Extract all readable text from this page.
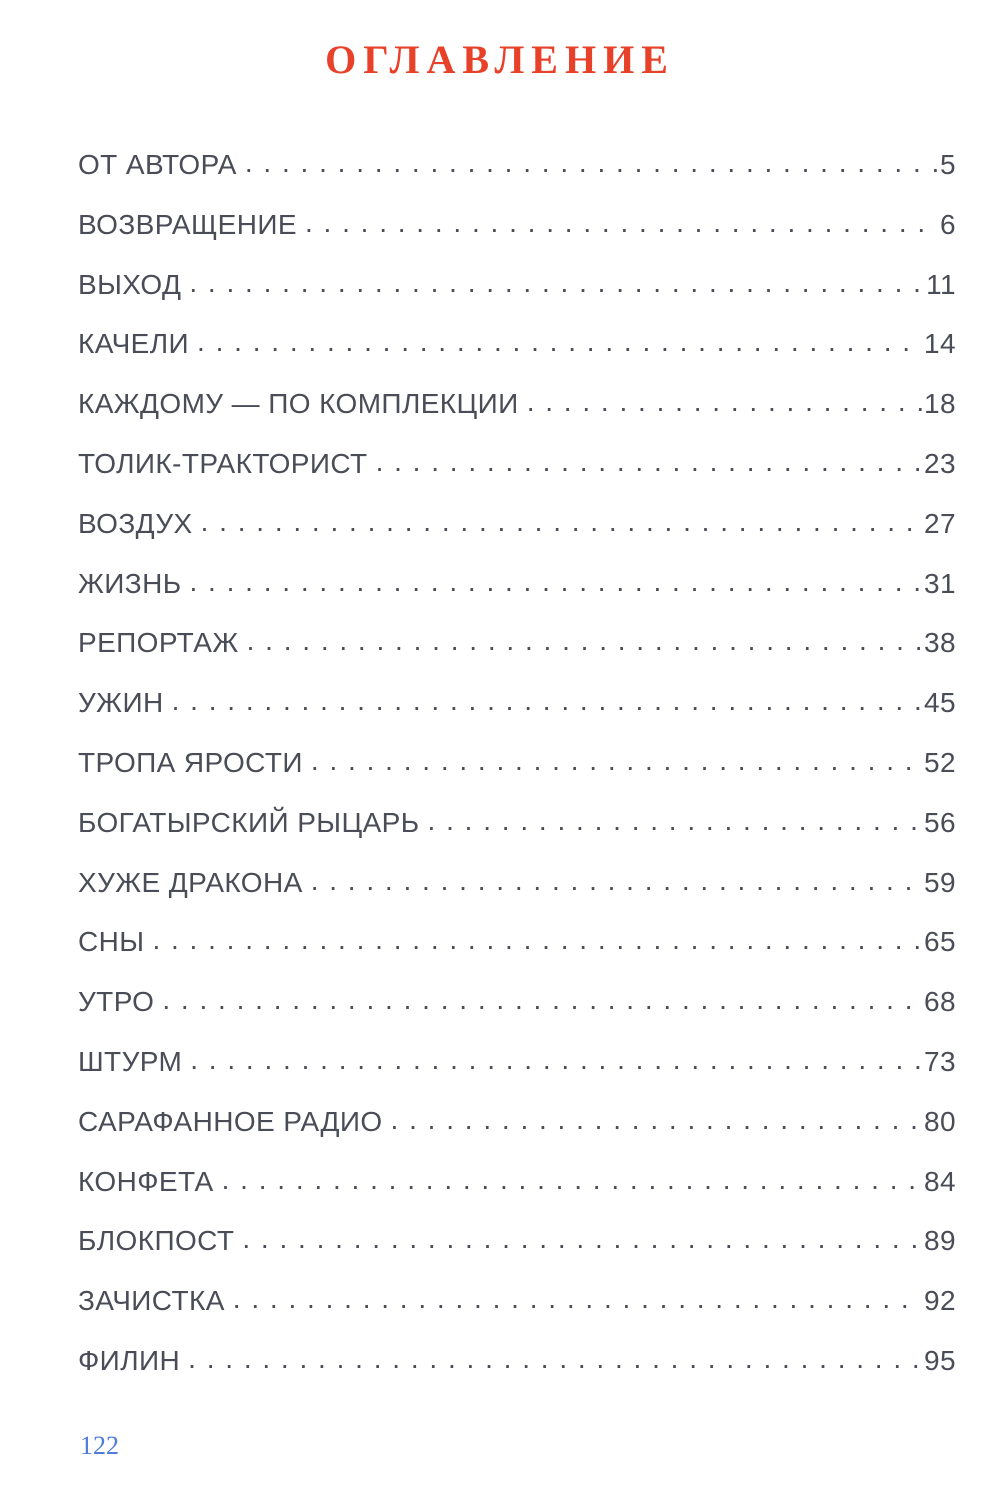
ОГЛАВЛЕНИЕ
ОТ АВТОРА . . .	5
ВОЗВРАЩЕНИЕ . . .	6
ВЫХОД . . .	11
КАЧЕЛИ . . .	14
КАЖДОМУ — ПО КОМПЛЕКЦИИ . . .	18
ТОЛИК-ТРАКТОРИСТ . . .	23
ВОЗДУХ . . .	27
ЖИЗНЬ . . .	31
РЕПОРТАЖ . . .	38
УЖИН . . .	45
ТРОПА ЯРОСТИ . . .	52
БОГАТЫРСКИЙ РЫЦАРЬ . . .	56
ХУЖЕ ДРАКОНА . . .	59
СНЫ . . .	65
УТРО . . .	68
ШТУРМ . . .	73
САРАФАННОЕ РАДИО . . .	80
КОНФЕТА . . .	84
БЛОКПОСТ . . .	89
ЗАЧИСТКА . . .	92
ФИЛИН . . .	95
122
